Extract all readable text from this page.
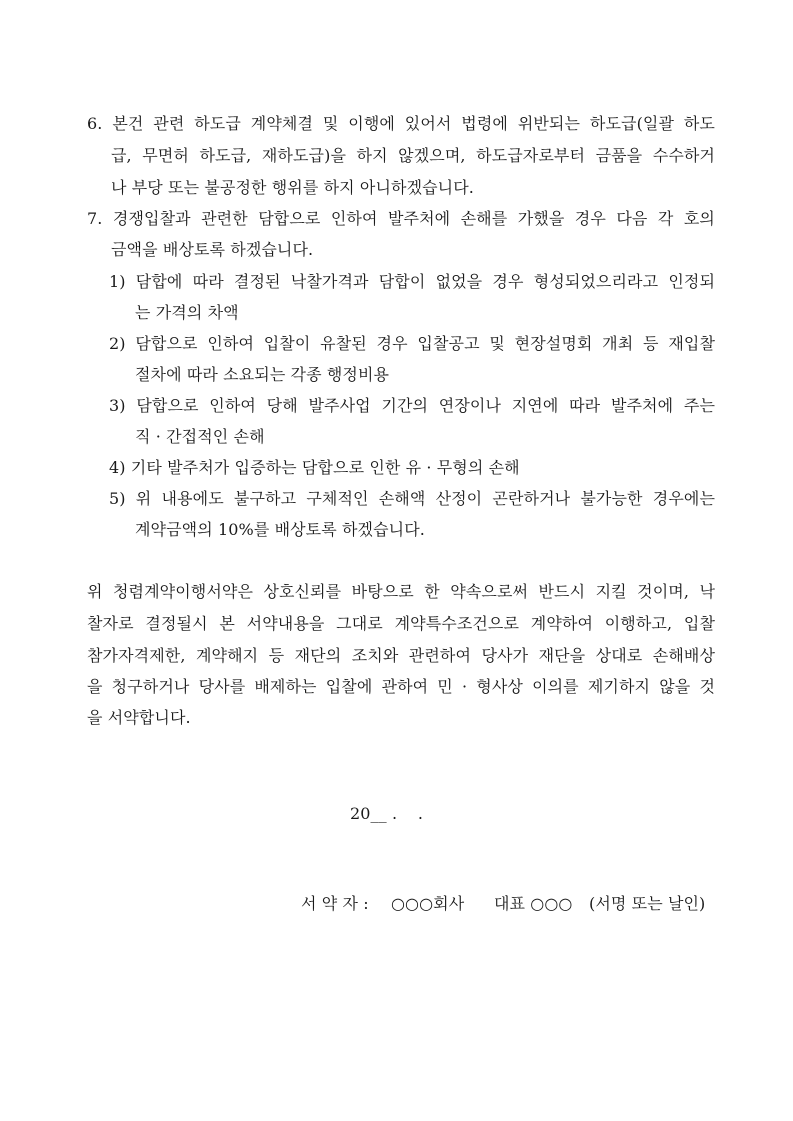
6. 본건 관련 하도급 계약체결 및 이행에 있어서 법령에 위반되는 하도급(일괄 하도
급, 무면허 하도급, 재하도급)을 하지 않겠으며, 하도급자로부터 금품을 수수하거
나 부당 또는 불공정한 행위를 하지 아니하겠습니다.
7. 경쟁입찰과 관련한 담합으로 인하여 발주처에 손해를 가했을 경우 다음 각 호의
금액을 배상토록 하겠습니다.
1) 담합에 따라 결정된 낙찰가격과 담합이 없었을 경우 형성되었으리라고 인정되
는 가격의 차액
2) 담합으로 인하여 입찰이 유찰된 경우 입찰공고 및 현장설명회 개최 등 재입찰
절차에 따라 소요되는 각종 행정비용
3) 담합으로 인하여 당해 발주사업 기간의 연장이나 지연에 따라 발주처에 주는
직 · 간접적인 손해
4) 기타 발주처가 입증하는 담합으로 인한 유 · 무형의 손해
5) 위 내용에도 불구하고 구체적인 손해액 산정이 곤란하거나 불가능한 경우에는
계약금액의 10%를 배상토록 하겠습니다.
위 청렴계약이행서약은 상호신뢰를 바탕으로 한 약속으로써 반드시 지킬 것이며, 낙
찰자로 결정될시 본 서약내용을 그대로 계약특수조건으로 계약하여 이행하고, 입찰
참가자격제한, 계약해지 등 재단의 조치와 관련하여 당사가 재단을 상대로 손해배상
을 청구하거나 당사를 배제하는 입찰에 관하여 민 · 형사상 이의를 제기하지 않을 것
을 서약합니다.
20__ .    .
서 약 자 : ○○○회사 대표 ○○○ (서명 또는 날인)
